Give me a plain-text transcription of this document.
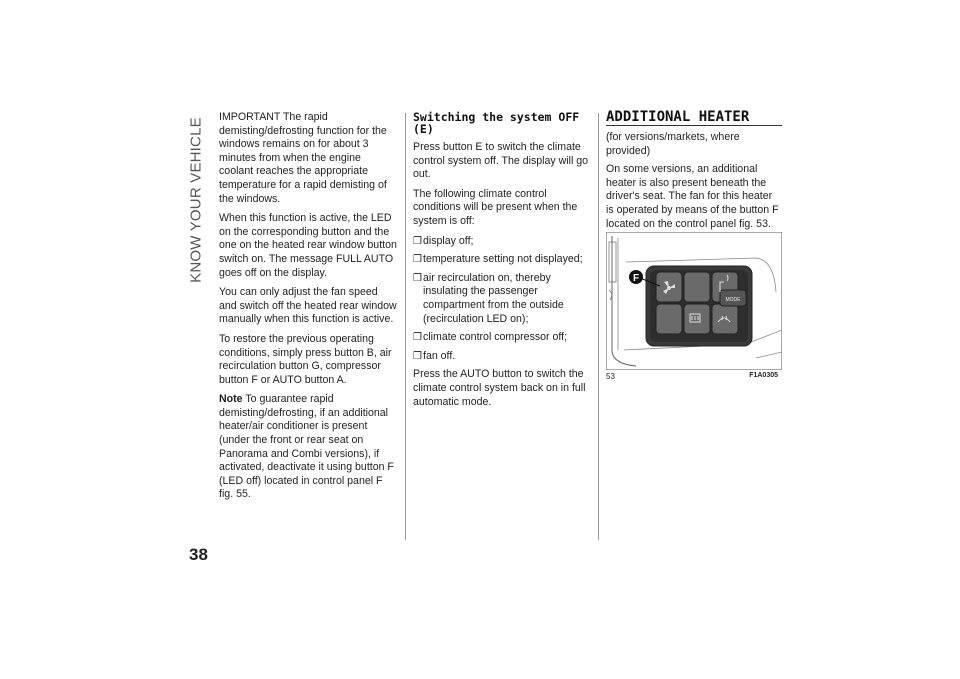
KNOW YOUR VEHICLE

IMPORTANT The rapid demisting/defrosting function for the windows remains on for about 3 minutes from when the engine coolant reaches the appropriate temperature for a rapid demisting of the windows.

When this function is active, the LED on the corresponding button and the one on the heated rear window button switch on. The message FULL AUTO goes off on the display.

You can only adjust the fan speed and switch off the heated rear window manually when this function is active.

To restore the previous operating conditions, simply press button B, air recirculation button G, compressor button F or AUTO button A.

Note To guarantee rapid demisting/defrosting, if an additional heater/air conditioner is present (under the front or rear seat on Panorama and Combi versions), if activated, deactivate it using button F (LED off) located in control panel F fig. 55.

Switching the system OFF (E)

Press button E to switch the climate control system off. The display will go out.

The following climate control conditions will be present when the system is off:

❒ display off;
❒ temperature setting not displayed;
❒ air recirculation on, thereby insulating the passenger compartment from the outside (recirculation LED on);
❒ climate control compressor off;
❒ fan off.

Press the AUTO button to switch the climate control system back on in full automatic mode.

ADDITIONAL HEATER

(for versions/markets, where provided)

On some versions, an additional heater is also present beneath the driver's seat. The fan for this heater is operated by means of the button F located on the control panel fig. 53.

MODE
F
53	F1A0305
38
